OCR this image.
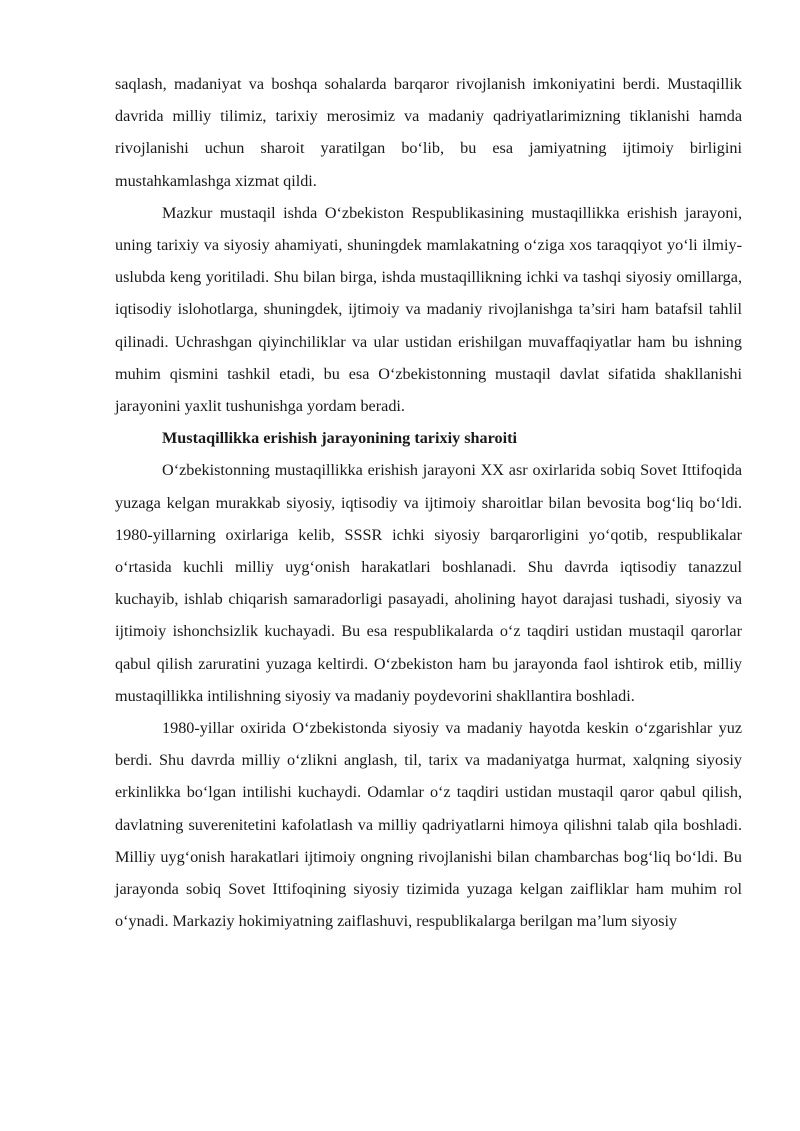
saqlash, madaniyat va boshqa sohalarda barqaror rivojlanish imkoniyatini berdi. Mustaqillik davrida milliy tilimiz, tarixiy merosimiz va madaniy qadriyatlarimizning tiklanishi hamda rivojlanishi uchun sharoit yaratilgan bo‘lib, bu esa jamiyatning ijtimoiy birligini mustahkamlashga xizmat qildi.

Mazkur mustaqil ishda O‘zbekiston Respublikasining mustaqillikka erishish jarayoni, uning tarixiy va siyosiy ahamiyati, shuningdek mamlakatning o‘ziga xos taraqqiyot yo‘li ilmiy-uslubda keng yoritiladi. Shu bilan birga, ishda mustaqillikning ichki va tashqi siyosiy omillarga, iqtisodiy islohotlarga, shuningdek, ijtimoiy va madaniy rivojlanishga ta’siri ham batafsil tahlil qilinadi. Uchrashgan qiyinchiliklar va ular ustidan erishilgan muvaffaqiyatlar ham bu ishning muhim qismini tashkil etadi, bu esa O‘zbekistonning mustaqil davlat sifatida shakllanishi jarayonini yaxlit tushunishga yordam beradi.

Mustaqillikka erishish jarayonining tarixiy sharoiti

O‘zbekistonning mustaqillikka erishish jarayoni XX asr oxirlarida sobiq Sovet Ittifoqida yuzaga kelgan murakkab siyosiy, iqtisodiy va ijtimoiy sharoitlar bilan bevosita bog‘liq bo‘ldi. 1980-yillarning oxirlariga kelib, SSSR ichki siyosiy barqarorligini yo‘qotib, respublikalar o‘rtasida kuchli milliy uyg‘onish harakatlari boshlanadi. Shu davrda iqtisodiy tanazzul kuchayib, ishlab chiqarish samaradorligi pasayadi, aholining hayot darajasi tushadi, siyosiy va ijtimoiy ishonchsizlik kuchayadi. Bu esa respublikalarda o‘z taqdiri ustidan mustaqil qarorlar qabul qilish zaruratini yuzaga keltirdi. O‘zbekiston ham bu jarayonda faol ishtirok etib, milliy mustaqillikka intilishning siyosiy va madaniy poydevorini shakllantira boshladi.

1980-yillar oxirida O‘zbekistonda siyosiy va madaniy hayotda keskin o‘zgarishlar yuz berdi. Shu davrda milliy o‘zlikni anglash, til, tarix va madaniyatga hurmat, xalqning siyosiy erkinlikka bo‘lgan intilishi kuchaydi. Odamlar o‘z taqdiri ustidan mustaqil qaror qabul qilish, davlatning suverenitetini kafolatlash va milliy qadriyatlarni himoya qilishni talab qila boshladi. Milliy uyg‘onish harakatlari ijtimoiy ongning rivojlanishi bilan chambarchas bog‘liq bo‘ldi. Bu jarayonda sobiq Sovet Ittifoqining siyosiy tizimida yuzaga kelgan zaifliklar ham muhim rol o‘ynadi. Markaziy hokimiyatning zaiflashuvi, respublikalarga berilgan ma’lum siyosiy
